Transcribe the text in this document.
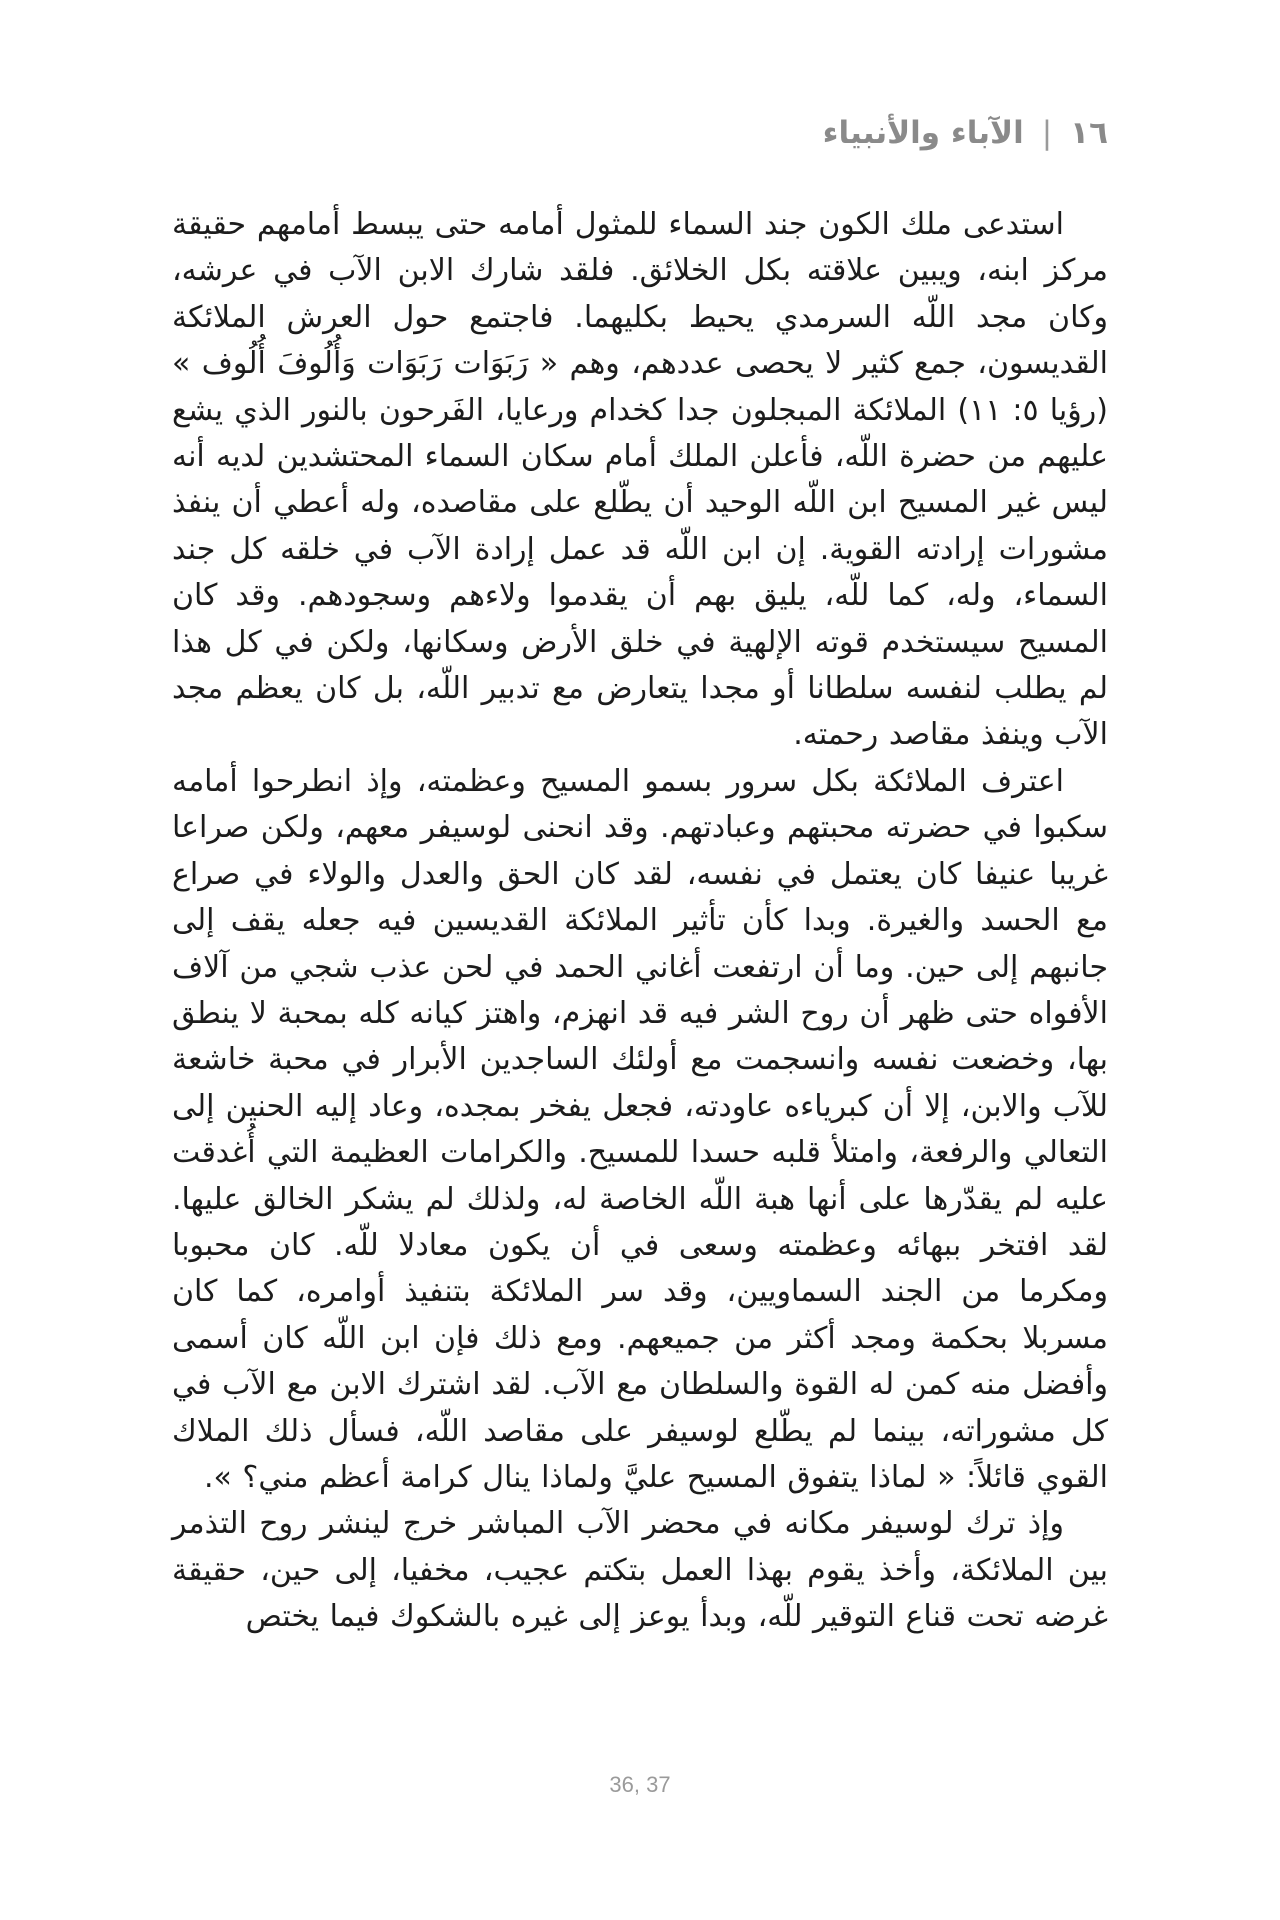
١٦
|
الآباء والأنبياء

استدعى ملك الكون جند السماء للمثول أمامه حتى يبسط أمامهم حقيقة مركز ابنه، ويبين علاقته بكل الخلائق. فلقد شارك الابن الآب في عرشه، وكان مجد اللّه السرمدي يحيط بكليهما. فاجتمع حول العرش الملائكة القديسون، جمع كثير لا يحصى عددهم، وهم « رَبَوَات رَبَوَات وَأُلُوفَ أُلُوف » (رؤيا ٥: ١١) الملائكة المبجلون جدا كخدام ورعايا، الفَرحون بالنور الذي يشع عليهم من حضرة اللّه، فأعلن الملك أمام سكان السماء المحتشدين لديه أنه ليس غير المسيح ابن اللّه الوحيد أن يطّلع على مقاصده، وله أعطي أن ينفذ مشورات إرادته القوية. إن ابن اللّه قد عمل إرادة الآب في خلقه كل جند السماء، وله، كما للّه، يليق بهم أن يقدموا ولاءهم وسجودهم. وقد كان المسيح سيستخدم قوته الإلهية في خلق الأرض وسكانها، ولكن في كل هذا لم يطلب لنفسه سلطانا أو مجدا يتعارض مع تدبير اللّه، بل كان يعظم مجد الآب وينفذ مقاصد رحمته.

اعترف الملائكة بكل سرور بسمو المسيح وعظمته، وإذ انطرحوا أمامه سكبوا في حضرته محبتهم وعبادتهم. وقد انحنى لوسيفر معهم، ولكن صراعا غريبا عنيفا كان يعتمل في نفسه، لقد كان الحق والعدل والولاء في صراع مع الحسد والغيرة. وبدا كأن تأثير الملائكة القديسين فيه جعله يقف إلى جانبهم إلى حين. وما أن ارتفعت أغاني الحمد في لحن عذب شجي من آلاف الأفواه حتى ظهر أن روح الشر فيه قد انهزم، واهتز كيانه كله بمحبة لا ينطق بها، وخضعت نفسه وانسجمت مع أولئك الساجدين الأبرار في محبة خاشعة للآب والابن، إلا أن كبرياءه عاودته، فجعل يفخر بمجده، وعاد إليه الحنين إلى التعالي والرفعة، وامتلأ قلبه حسدا للمسيح. والكرامات العظيمة التي أُغدقت عليه لم يقدّرها على أنها هبة اللّه الخاصة له، ولذلك لم يشكر الخالق عليها. لقد افتخر ببهائه وعظمته وسعى في أن يكون معادلا للّه. كان محبوبا ومكرما من الجند السماويين، وقد سر الملائكة بتنفيذ أوامره، كما كان مسربلا بحكمة ومجد أكثر من جميعهم. ومع ذلك فإن ابن اللّه كان أسمى وأفضل منه كمن له القوة والسلطان مع الآب. لقد اشترك الابن مع الآب في كل مشوراته، بينما لم يطّلع لوسيفر على مقاصد اللّه، فسأل ذلك الملاك القوي قائلاً: « لماذا يتفوق المسيح عليَّ ولماذا ينال كرامة أعظم مني؟ ».

وإذ ترك لوسيفر مكانه في محضر الآب المباشر خرج لينشر روح التذمر بين الملائكة، وأخذ يقوم بهذا العمل بتكتم عجيب، مخفيا، إلى حين، حقيقة غرضه تحت قناع التوقير للّه، وبدأ يوعز إلى غيره بالشكوك فيما يختص

36, 37
